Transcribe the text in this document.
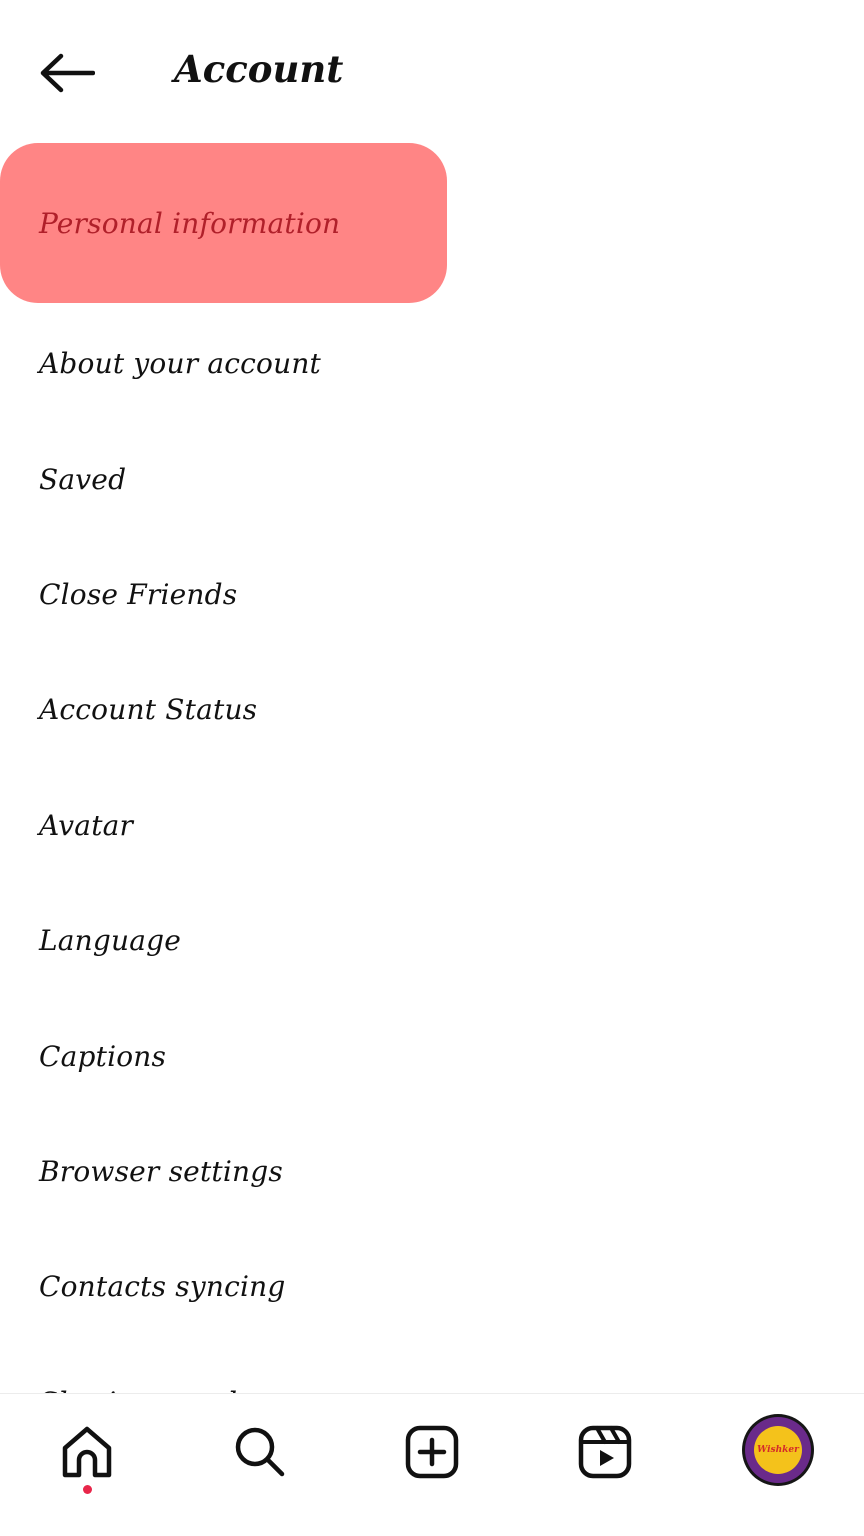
Account
Personal information
About your account
Saved
Close Friends
Account Status
Avatar
Language
Captions
Browser settings
Contacts syncing
Wishker
